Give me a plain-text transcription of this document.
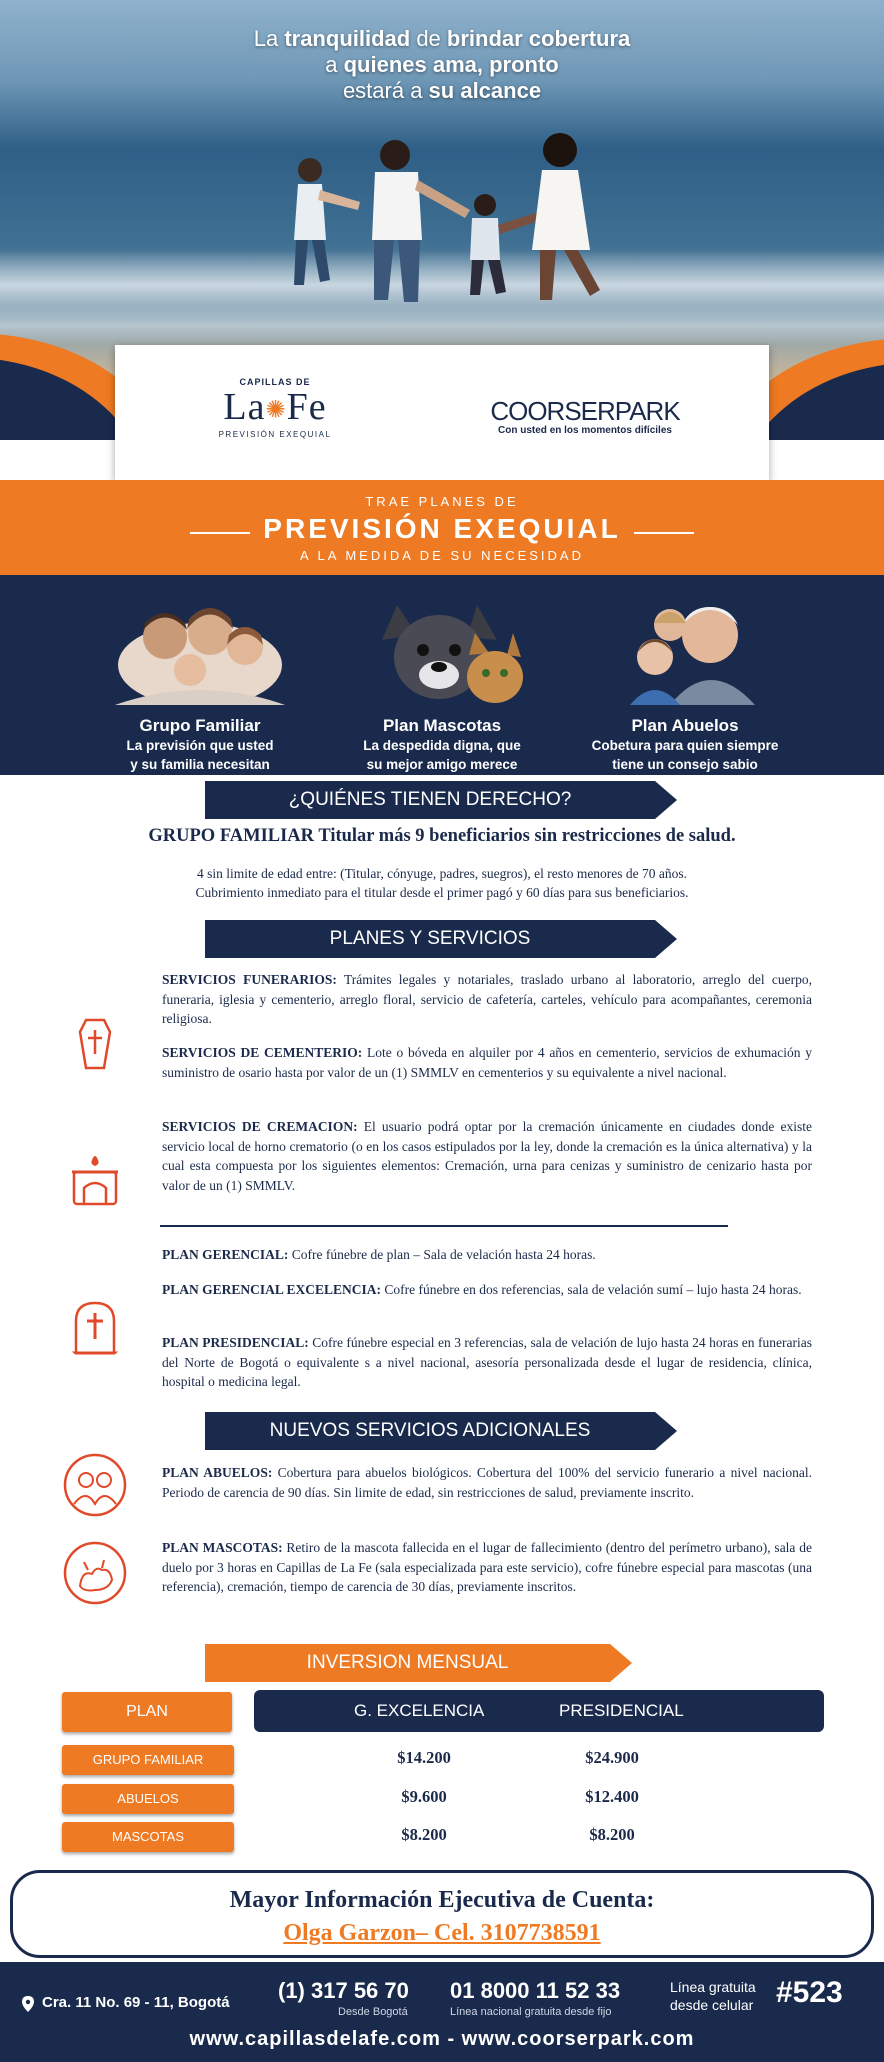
La tranquilidad de brindar cobertura
a quienes ama, pronto
estará a su alcance
CAPILLAS DE
La✺Fe
PREVISIÓN EXEQUIAL
COORSERPARK
Con usted en los momentos difíciles
TRAE PLANES DE
PREVISIÓN EXEQUIAL
A LA MEDIDA DE SU NECESIDAD
Grupo Familiar
La previsión que usted
y su familia necesitan
Plan Mascotas
La despedida digna, que
su mejor amigo merece
Plan Abuelos
Cobetura para quien siempre
tiene un consejo sabio
¿QUIÉNES TIENEN DERECHO?
GRUPO FAMILIAR Titular más 9 beneficiarios sin restricciones de salud.
4 sin limite de edad entre: (Titular, cónyuge, padres, suegros), el resto menores de 70 años.
Cubrimiento inmediato para el titular desde el primer pagó y 60 días para sus beneficiarios.
PLANES Y SERVICIOS
SERVICIOS FUNERARIOS: Trámites legales y notariales, traslado urbano al laboratorio, arreglo del cuerpo, funeraria, iglesia y cementerio, arreglo floral, servicio de cafetería, carteles, vehículo para acompañantes, ceremonia religiosa.
SERVICIOS DE CEMENTERIO: Lote o bóveda en alquiler por 4 años en cementerio, servicios de exhumación y suministro de osario hasta por valor de un (1) SMMLV en cementerios y su equivalente a nivel nacional.
SERVICIOS DE CREMACION: El usuario podrá optar por la cremación únicamente en ciudades donde existe servicio local de horno crematorio (o en los casos estipulados por la ley, donde la cremación es la única alternativa) y la cual esta compuesta por los siguientes elementos: Cremación, urna para cenizas y suministro de cenizario hasta por valor de un (1) SMMLV.
PLAN GERENCIAL: Cofre fúnebre de plan – Sala de velación hasta 24 horas.
PLAN GERENCIAL EXCELENCIA: Cofre fúnebre en dos referencias, sala de velación sumí – lujo hasta 24 horas.
PLAN PRESIDENCIAL: Cofre fúnebre especial en 3 referencias, sala de velación de lujo hasta 24 horas en funerarias del Norte de Bogotá o equivalente s a nivel nacional, asesoría personalizada desde el lugar de residencia, clínica, hospital o medicina legal.
NUEVOS SERVICIOS ADICIONALES
PLAN ABUELOS: Cobertura para abuelos biológicos. Cobertura del 100% del servicio funerario a nivel nacional. Periodo de carencia de 90 días. Sin limite de edad, sin restricciones de salud, previamente inscrito.
PLAN MASCOTAS: Retiro de la mascota fallecida en el lugar de fallecimiento (dentro del perímetro urbano), sala de duelo por 3 horas en Capillas de La Fe (sala especializada para este servicio), cofre fúnebre especial para mascotas (una referencia), cremación, tiempo de carencia de 30 días, previamente inscritos.
INVERSION MENSUAL
PLAN	G. EXCELENCIA	PRESIDENCIAL
GRUPO FAMILIAR	$14.200	$24.900
ABUELOS	$9.600	$12.400
MASCOTAS	$8.200	$8.200
Mayor Información Ejecutiva de Cuenta:
Olga Garzon– Cel. 3107738591
Cra. 11 No. 69 - 11, Bogotá (1) 317 56 70
Desde Bogotá
01 8000 11 52 33
Línea nacional gratuita desde fijo
Línea gratuita
desde celular #523
www.capillasdelafe.com - www.coorserpark.com
